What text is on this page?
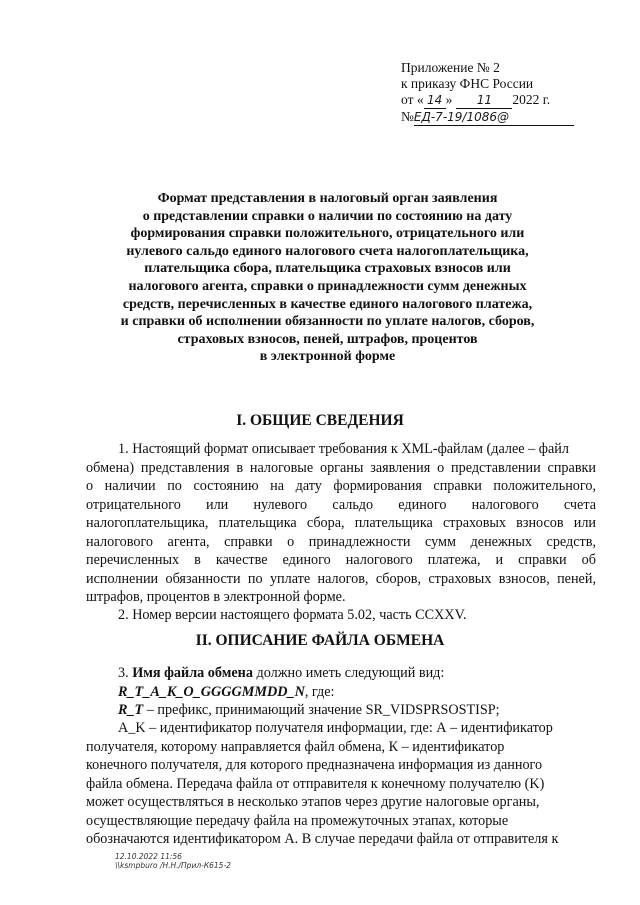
Приложение № 2
к приказу ФНС России
от « 14 » 11 2022 г.
№ЕД-7-19/1086@
Формат представления в налоговый орган заявления
о представлении справки о наличии по состоянию на дату
формирования справки положительного, отрицательного или
нулевого сальдо единого налогового счета налогоплательщика,
плательщика сбора, плательщика страховых взносов или
налогового агента, справки о принадлежности сумм денежных
средств, перечисленных в качестве единого налогового платежа,
и справки об исполнении обязанности по уплате налогов, сборов,
страховых взносов, пеней, штрафов, процентов
в электронной форме
I. ОБЩИЕ СВЕДЕНИЯ
1. Настоящий формат описывает требования к XML-файлам (далее – файл
обмена) представления в налоговые органы заявления о представлении справки
о наличии по состоянию на дату формирования справки положительного,
отрицательного или нулевого сальдо единого налогового счета
налогоплательщика, плательщика сбора, плательщика страховых взносов или
налогового агента, справки о принадлежности сумм денежных средств,
перечисленных в качестве единого налогового платежа, и справки об
исполнении обязанности по уплате налогов, сборов, страховых взносов, пеней,
штрафов, процентов в электронной форме.
2. Номер версии настоящего формата 5.02, часть CCXXV.
II. ОПИСАНИЕ ФАЙЛА ОБМЕНА
3. Имя файла обмена должно иметь следующий вид:
R_T_A_K_O_GGGGMMDD_N, где:
R_T – префикс, принимающий значение SR_VIDSPRSOSTISP;
A_K – идентификатор получателя информации, где: А – идентификатор
получателя, которому направляется файл обмена, К – идентификатор
конечного получателя, для которого предназначена информация из данного
файла обмена. Передача файла от отправителя к конечному получателю (K)
может осуществляться в несколько этапов через другие налоговые органы,
осуществляющие передачу файла на промежуточных этапах, которые
обозначаются идентификатором A. В случае передачи файла от отправителя к
12.10.2022 11:56
\\ksmpburo /Н.Н./Прил-К615-2
